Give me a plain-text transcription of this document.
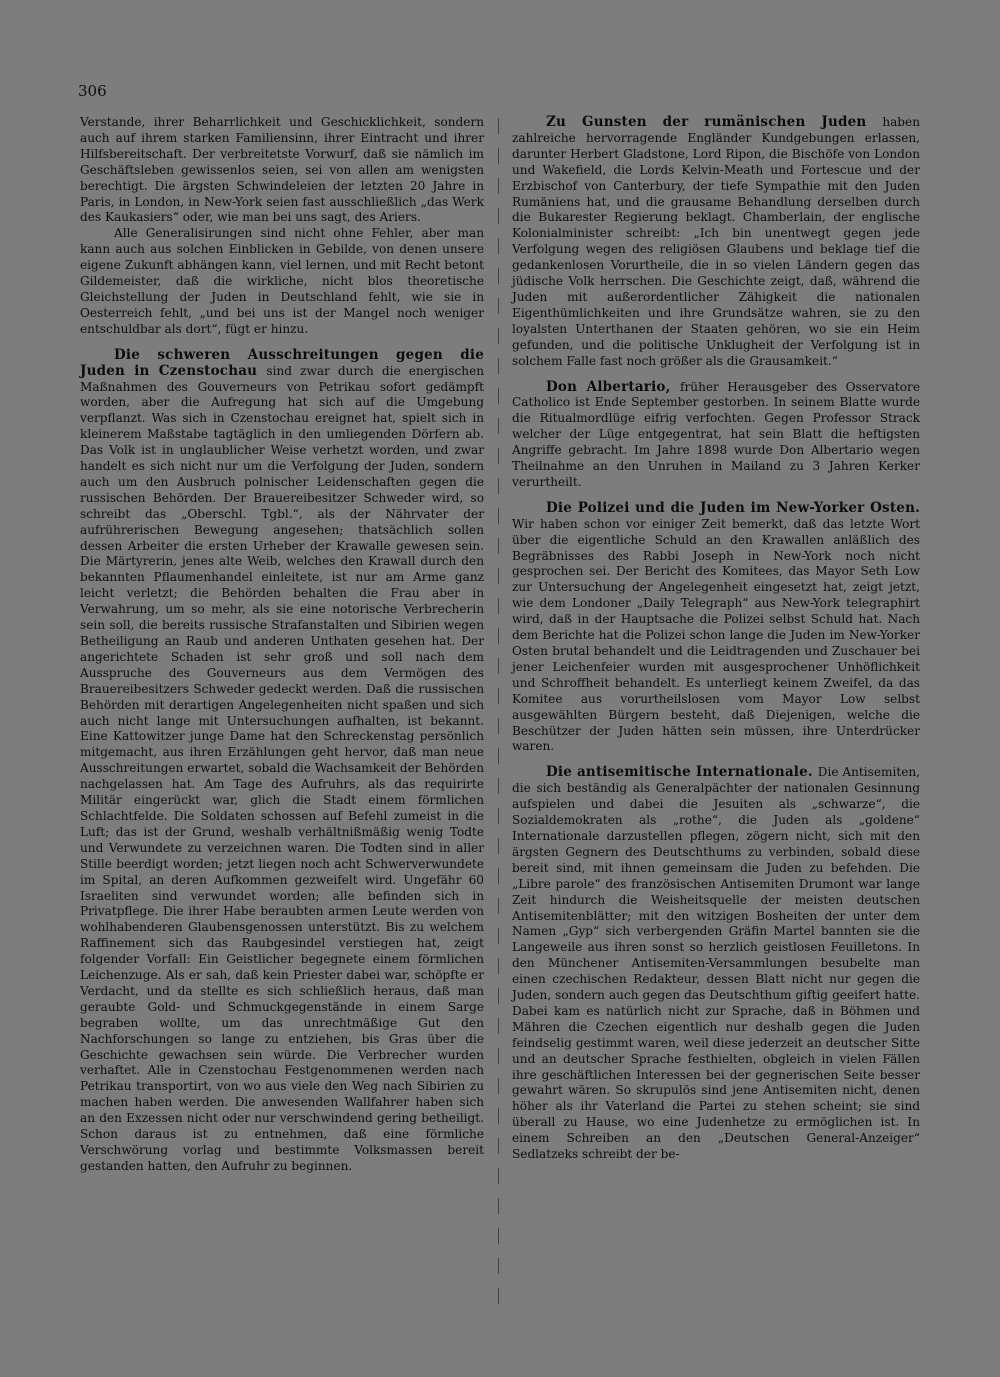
306

Verstande, ihrer Beharrlichkeit und Geschicklichkeit, sondern auch auf ihrem starken Familiensinn, ihrer Eintracht und ihrer Hilfsbereitschaft. Der verbreitetste Vorwurf, daß sie nämlich im Geschäftsleben gewissenlos seien, sei von allen am wenigsten berechtigt. Die ärgsten Schwindeleien der letzten 20 Jahre in Paris, in London, in New-York seien fast ausschließlich „das Werk des Kaukasiers“ oder, wie man bei uns sagt, des Ariers.

Alle Generalisirungen sind nicht ohne Fehler, aber man kann auch aus solchen Einblicken in Gebilde, von denen unsere eigene Zukunft abhängen kann, viel lernen, und mit Recht betont Gildemeister, daß die wirkliche, nicht blos theoretische Gleichstellung der Juden in Deutschland fehlt, wie sie in Oesterreich fehlt, „und bei uns ist der Mangel noch weniger entschuldbar als dort“, fügt er hinzu.

Die schweren Ausschreitungen gegen die Juden in Czenstochau sind zwar durch die energischen Maßnahmen des Gouverneurs von Petrikau sofort gedämpft worden, aber die Aufregung hat sich auf die Umgebung verpflanzt. Was sich in Czenstochau ereignet hat, spielt sich in kleinerem Maßstabe tagtäglich in den umliegenden Dörfern ab. Das Volk ist in unglaublicher Weise verhetzt worden, und zwar handelt es sich nicht nur um die Verfolgung der Juden, sondern auch um den Ausbruch polnischer Leidenschaften gegen die russischen Behörden. Der Brauereibesitzer Schweder wird, so schreibt das „Oberschl. Tgbl.“, als der Nährvater der aufrührerischen Bewegung angesehen; thatsächlich sollen dessen Arbeiter die ersten Urheber der Krawalle gewesen sein. Die Märtyrerin, jenes alte Weib, welches den Krawall durch den bekannten Pflaumenhandel einleitete, ist nur am Arme ganz leicht verletzt; die Behörden behalten die Frau aber in Verwahrung, um so mehr, als sie eine notorische Verbrecherin sein soll, die bereits russische Strafanstalten und Sibirien wegen Betheiligung an Raub und anderen Unthaten gesehen hat. Der angerichtete Schaden ist sehr groß und soll nach dem Ausspruche des Gouverneurs aus dem Vermögen des Brauereibesitzers Schweder gedeckt werden. Daß die russischen Behörden mit derartigen Angelegenheiten nicht spaßen und sich auch nicht lange mit Untersuchungen aufhalten, ist bekannt. Eine Kattowitzer junge Dame hat den Schreckenstag persönlich mitgemacht, aus ihren Erzählungen geht hervor, daß man neue Ausschreitungen erwartet, sobald die Wachsamkeit der Behörden nachgelassen hat. Am Tage des Aufruhrs, als das requirirte Militär eingerückt war, glich die Stadt einem förmlichen Schlachtfelde. Die Soldaten schossen auf Befehl zumeist in die Luft; das ist der Grund, weshalb verhältnißmäßig wenig Todte und Verwundete zu verzeichnen waren. Die Todten sind in aller Stille beerdigt worden; jetzt liegen noch acht Schwerverwundete im Spital, an deren Aufkommen gezweifelt wird. Ungefähr 60 Israeliten sind verwundet worden; alle befinden sich in Privatpflege. Die ihrer Habe beraubten armen Leute werden von wohlhabenderen Glaubensgenossen unterstützt. Bis zu welchem Raffinement sich das Raubgesindel verstiegen hat, zeigt folgender Vorfall: Ein Geistlicher begegnete einem förmlichen Leichenzuge. Als er sah, daß kein Priester dabei war, schöpfte er Verdacht, und da stellte es sich schließlich heraus, daß man geraubte Gold- und Schmuckgegenstände in einem Sarge begraben wollte, um das unrechtmäßige Gut den Nachforschungen so lange zu entziehen, bis Gras über die Geschichte gewachsen sein würde. Die Verbrecher wurden verhaftet. Alle in Czenstochau Festgenommenen werden nach Petrikau transportirt, von wo aus viele den Weg nach Sibirien zu machen haben werden. Die anwesenden Wallfahrer haben sich an den Exzessen nicht oder nur verschwindend gering betheiligt. Schon daraus ist zu entnehmen, daß eine förmliche Verschwörung vorlag und bestimmte Volksmassen bereit gestanden hatten, den Aufruhr zu beginnen.

Zu Gunsten der rumänischen Juden haben zahlreiche hervorragende Engländer Kundgebungen erlassen, darunter Herbert Gladstone, Lord Ripon, die Bischöfe von London und Wakefield, die Lords Kelvin-Meath und Fortescue und der Erzbischof von Canterbury, der tiefe Sympathie mit den Juden Rumäniens hat, und die grausame Behandlung derselben durch die Bukarester Regierung beklagt. Chamberlain, der englische Kolonialminister schreibt: „Ich bin unentwegt gegen jede Verfolgung wegen des religiösen Glaubens und beklage tief die gedankenlosen Vorurtheile, die in so vielen Ländern gegen das jüdische Volk herrschen. Die Geschichte zeigt, daß, während die Juden mit außerordentlicher Zähigkeit die nationalen Eigenthümlichkeiten und ihre Grundsätze wahren, sie zu den loyalsten Unterthanen der Staaten gehören, wo sie ein Heim gefunden, und die politische Unklugheit der Verfolgung ist in solchem Falle fast noch größer als die Grausamkeit.“

Don Albertario, früher Herausgeber des Osservatore Catholico ist Ende September gestorben. In seinem Blatte wurde die Ritualmordlüge eifrig verfochten. Gegen Professor Strack welcher der Lüge entgegentrat, hat sein Blatt die heftigsten Angriffe gebracht. Im Jahre 1898 wurde Don Albertario wegen Theilnahme an den Unruhen in Mailand zu 3 Jahren Kerker verurtheilt.

Die Polizei und die Juden im New-Yorker Osten. Wir haben schon vor einiger Zeit bemerkt, daß das letzte Wort über die eigentliche Schuld an den Krawallen anläßlich des Begräbnisses des Rabbi Joseph in New-York noch nicht gesprochen sei. Der Bericht des Komitees, das Mayor Seth Low zur Untersuchung der Angelegenheit eingesetzt hat, zeigt jetzt, wie dem Londoner „Daily Telegraph“ aus New-York telegraphirt wird, daß in der Hauptsache die Polizei selbst Schuld hat. Nach dem Berichte hat die Polizei schon lange die Juden im New-Yorker Osten brutal behandelt und die Leidtragenden und Zuschauer bei jener Leichenfeier wurden mit ausgesprochener Unhöflichkeit und Schroffheit behandelt. Es unterliegt keinem Zweifel, da das Komitee aus vorurtheilslosen vom Mayor Low selbst ausgewählten Bürgern besteht, daß Diejenigen, welche die Beschützer der Juden hätten sein müssen, ihre Unterdrücker waren.

Die antisemitische Internationale. Die Antisemiten, die sich beständig als Generalpächter der nationalen Gesinnung aufspielen und dabei die Jesuiten als „schwarze“, die Sozialdemokraten als „rothe“, die Juden als „goldene“ Internationale darzustellen pflegen, zögern nicht, sich mit den ärgsten Gegnern des Deutschthums zu verbinden, sobald diese bereit sind, mit ihnen gemeinsam die Juden zu befehden. Die „Libre parole“ des französischen Antisemiten Drumont war lange Zeit hindurch die Weisheitsquelle der meisten deutschen Antisemitenblätter; mit den witzigen Bosheiten der unter dem Namen „Gyp“ sich verbergenden Gräfin Martel bannten sie die Langeweile aus ihren sonst so herzlich geistlosen Feuilletons. In den Münchener Antisemiten-Versammlungen besubelte man einen czechischen Redakteur, dessen Blatt nicht nur gegen die Juden, sondern auch gegen das Deutschthum giftig geeifert hatte. Dabei kam es natürlich nicht zur Sprache, daß in Böhmen und Mähren die Czechen eigentlich nur deshalb gegen die Juden feindselig gestimmt waren, weil diese jederzeit an deutscher Sitte und an deutscher Sprache festhielten, obgleich in vielen Fällen ihre geschäftlichen Interessen bei der gegnerischen Seite besser gewahrt wären. So skrupulös sind jene Antisemiten nicht, denen höher als ihr Vaterland die Partei zu stehen scheint; sie sind überall zu Hause, wo eine Judenhetze zu ermöglichen ist. In einem Schreiben an den „Deutschen General-Anzeiger“ Sedlatzeks schreibt der be-
